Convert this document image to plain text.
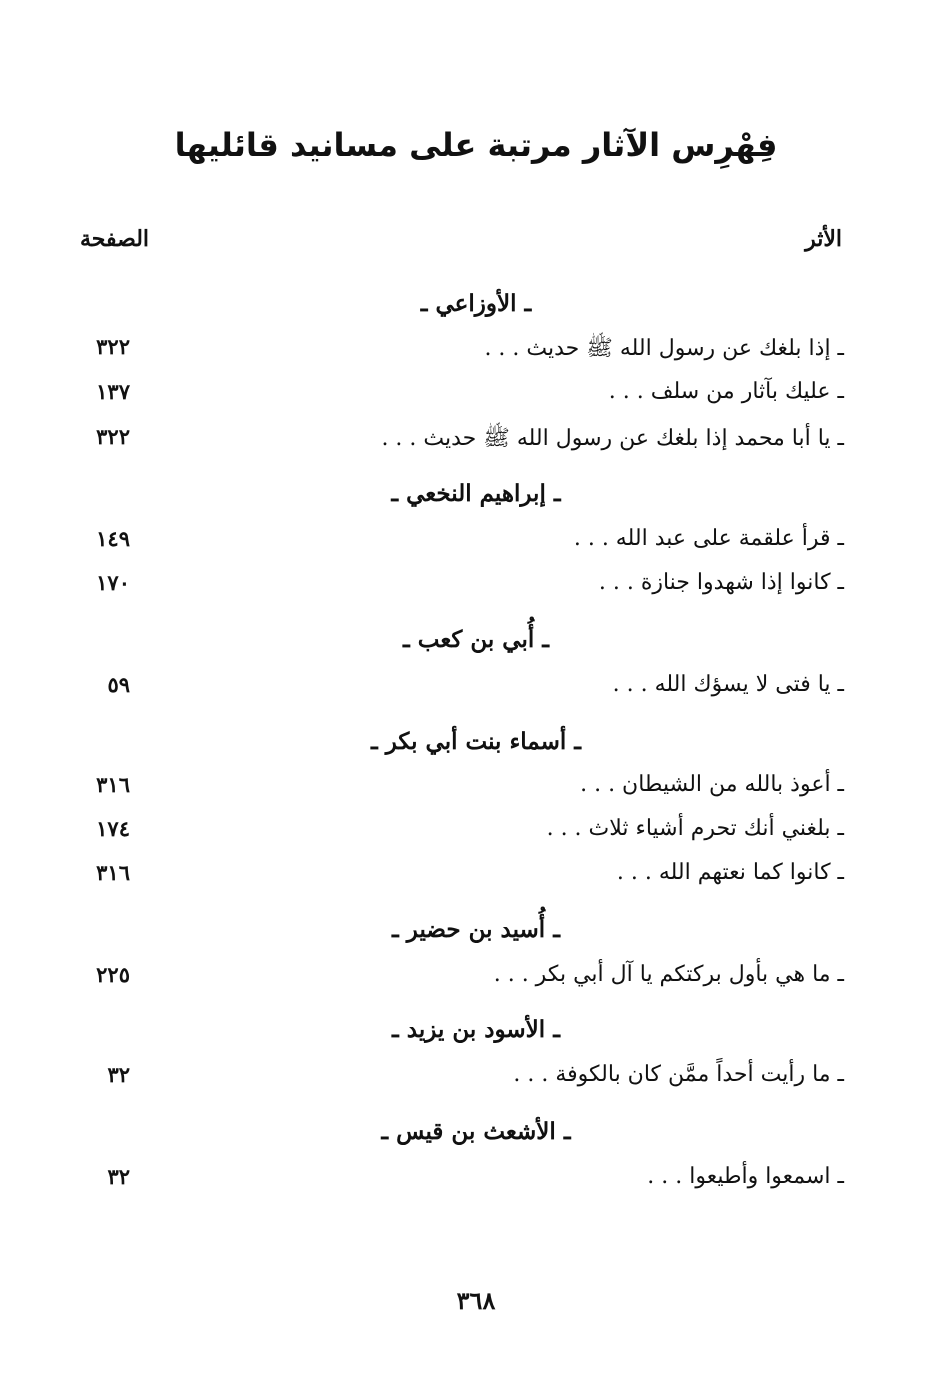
فِهْرِس الآثار مرتبة على مسانيد قائليها
الأثر
الصفحة
ـ الأوزاعي ـ
ـ إذا بلغك عن رسول الله ﷺ حديث . . .
٣٢٢
ـ عليك بآثار من سلف . . .
١٣٧
ـ يا أبا محمد إذا بلغك عن رسول الله ﷺ حديث . . .
٣٢٢
ـ إبراهيم النخعي ـ
ـ قرأ علقمة على عبد الله . . .
١٤٩
ـ كانوا إذا شهدوا جنازة . . .
١٧٠
ـ أُبي بن كعب ـ
ـ يا فتى لا يسؤك الله . . .
٥٩
ـ أسماء بنت أبي بكر ـ
ـ أعوذ بالله من الشيطان . . .
٣١٦
ـ بلغني أنك تحرم أشياء ثلاث . . .
١٧٤
ـ كانوا كما نعتهم الله . . .
٣١٦
ـ أُسيد بن حضير ـ
ـ ما هي بأول بركتكم يا آل أبي بكر . . .
٢٢٥
ـ الأسود بن يزيد ـ
ـ ما رأيت أحداً ممَّن كان بالكوفة . . .
٣٢
ـ الأشعث بن قيس ـ
ـ اسمعوا وأطيعوا . . .
٣٢
٣٦٨
